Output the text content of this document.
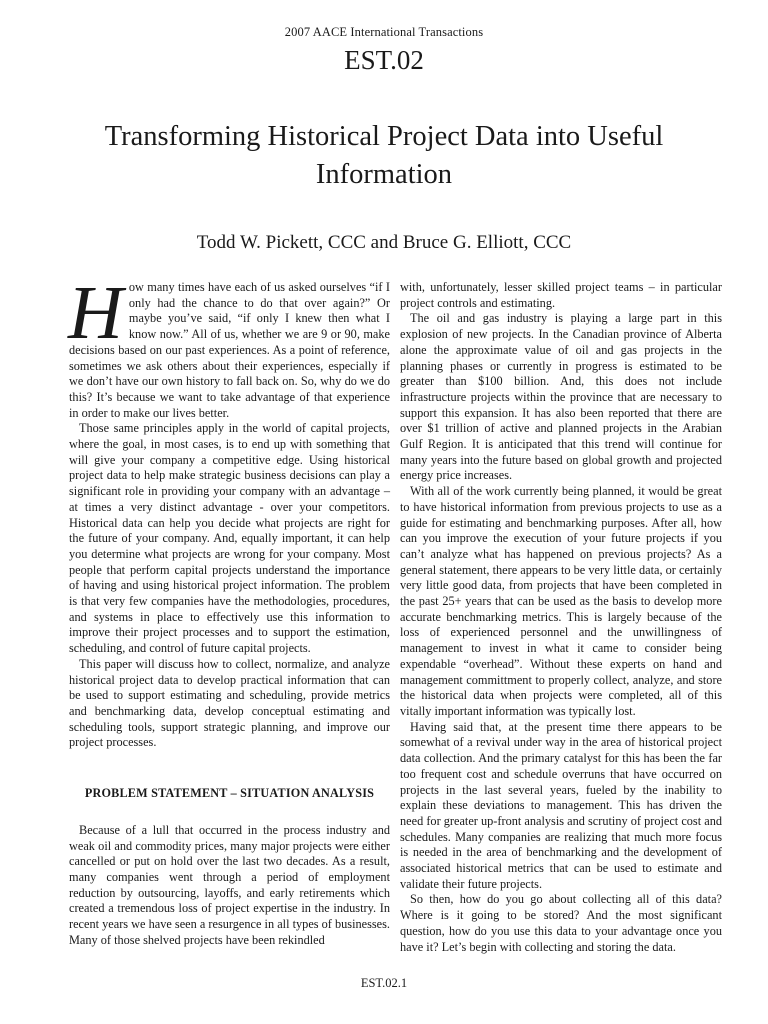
2007 AACE International Transactions
EST.02
Transforming Historical Project Data into Useful Information
Todd W. Pickett, CCC and Bruce G. Elliott, CCC

How many times have each of us asked ourselves “if I only had the chance to do that over again?” Or maybe you’ve said, “if only I knew then what I know now.” All of us, whether we are 9 or 90, make decisions based on our past experiences. As a point of reference, sometimes we ask others about their experiences, especially if we don’t have our own history to fall back on. So, why do we do this? It’s because we want to take advantage of that experience in order to make our lives better.

Those same principles apply in the world of capital projects, where the goal, in most cases, is to end up with something that will give your company a competitive edge. Using historical project data to help make strategic business decisions can play a significant role in providing your company with an advantage – at times a very distinct advantage - over your competitors. Historical data can help you decide what projects are right for the future of your company. And, equally important, it can help you determine what projects are wrong for your company. Most people that perform capital projects understand the importance of having and using historical project information. The problem is that very few companies have the methodologies, procedures, and systems in place to effectively use this information to improve their project processes and to support the estimation, scheduling, and control of future capital projects.

This paper will discuss how to collect, normalize, and analyze historical project data to develop practical information that can be used to support estimating and scheduling, provide metrics and benchmarking data, develop conceptual estimating and scheduling tools, support strategic planning, and improve our project processes.

PROBLEM STATEMENT – SITUATION ANALYSIS

Because of a lull that occurred in the process industry and weak oil and commodity prices, many major projects were either cancelled or put on hold over the last two decades. As a result, many companies went through a period of employment reduction by outsourcing, layoffs, and early retirements which created a tremendous loss of project expertise in the industry. In recent years we have seen a resurgence in all types of businesses. Many of those shelved projects have been rekindled

with, unfortunately, lesser skilled project teams – in particular project controls and estimating.

The oil and gas industry is playing a large part in this explosion of new projects. In the Canadian province of Alberta alone the approximate value of oil and gas projects in the planning phases or currently in progress is estimated to be greater than $100 billion. And, this does not include infrastructure projects within the province that are necessary to support this expansion. It has also been reported that there are over $1 trillion of active and planned projects in the Arabian Gulf Region. It is anticipated that this trend will continue for many years into the future based on global growth and projected energy price increases.

With all of the work currently being planned, it would be great to have historical information from previous projects to use as a guide for estimating and benchmarking purposes. After all, how can you improve the execution of your future projects if you can’t analyze what has happened on previous projects? As a general statement, there appears to be very little data, or certainly very little good data, from projects that have been completed in the past 25+ years that can be used as the basis to develop more accurate benchmarking metrics. This is largely because of the loss of experienced personnel and the unwillingness of management to invest in what it came to consider being expendable “overhead”. Without these experts on hand and management committment to properly collect, analyze, and store the historical data when projects were completed, all of this vitally important information was typically lost.

Having said that, at the present time there appears to be somewhat of a revival under way in the area of historical project data collection. And the primary catalyst for this has been the far too frequent cost and schedule overruns that have occurred on projects in the last several years, fueled by the inability to explain these deviations to management. This has driven the need for greater up-front analysis and scrutiny of project cost and schedules. Many companies are realizing that much more focus is needed in the area of benchmarking and the development of associated historical metrics that can be used to estimate and validate their future projects.

So then, how do you go about collecting all of this data? Where is it going to be stored? And the most significant question, how do you use this data to your advantage once you have it? Let’s begin with collecting and storing the data.

EST.02.1
